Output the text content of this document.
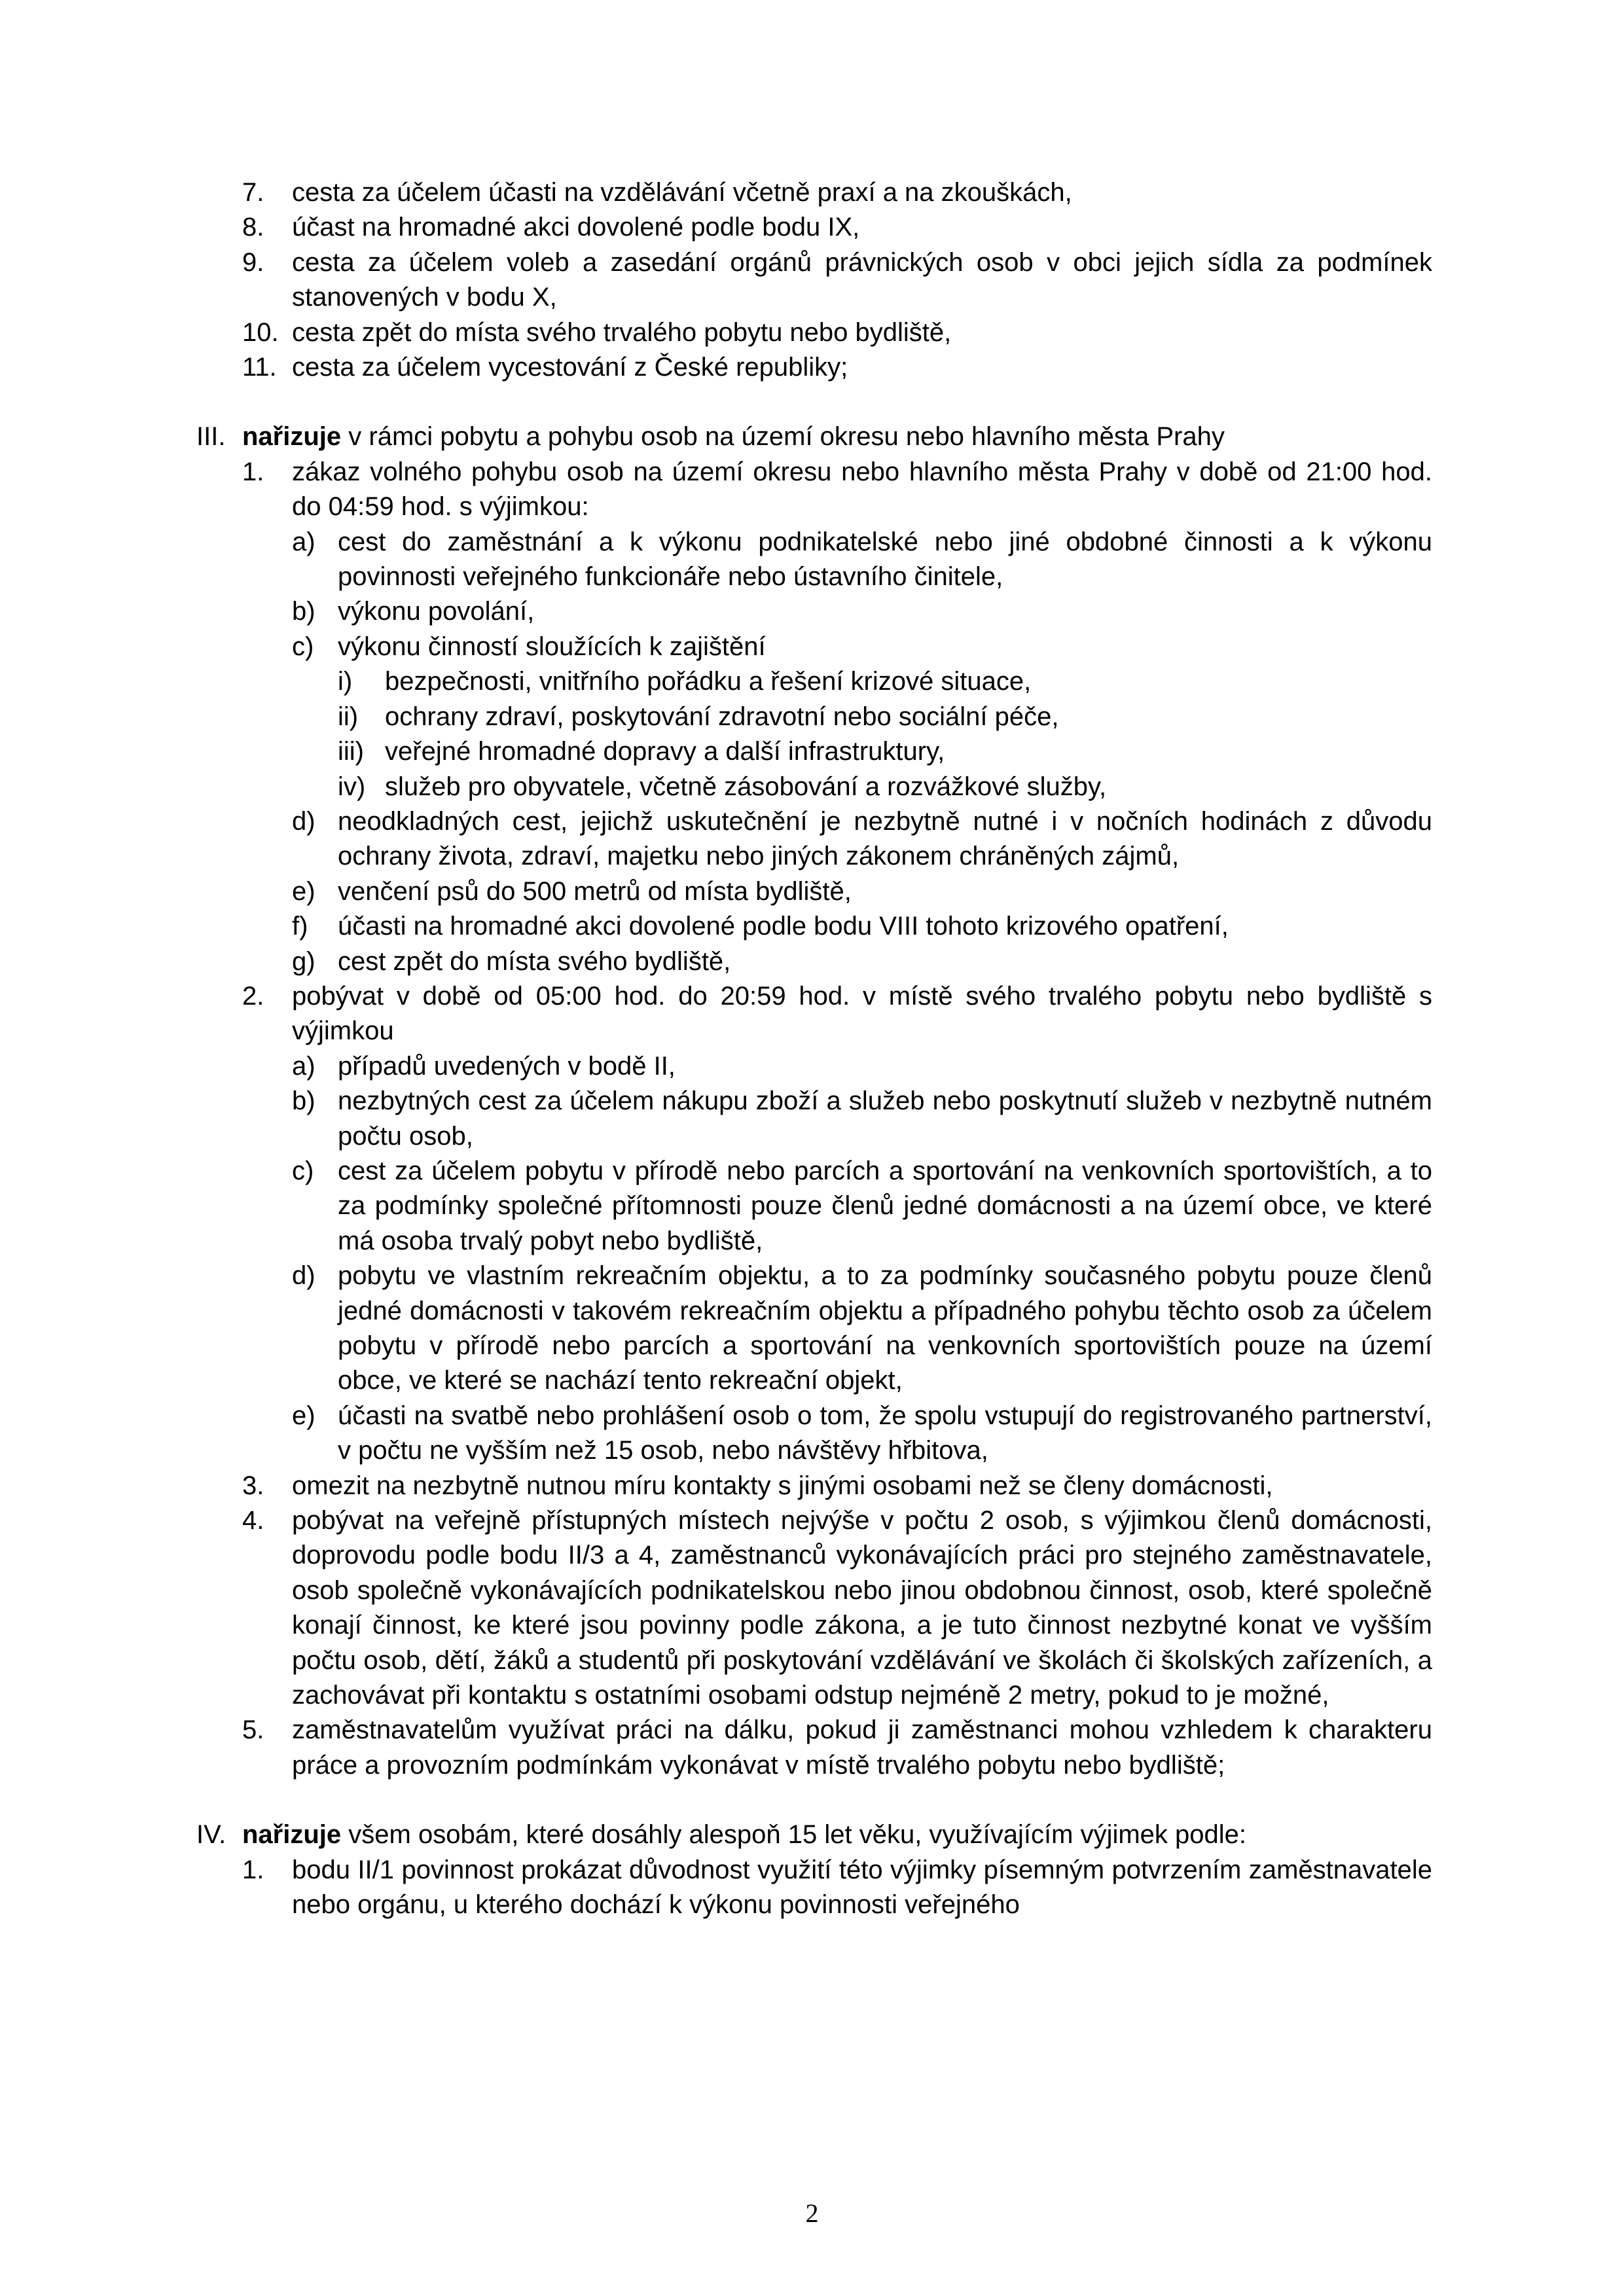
7.	cesta za účelem účasti na vzdělávání včetně praxí a na zkouškách,
8.	účast na hromadné akci dovolené podle bodu IX,
9.	cesta za účelem voleb a zasedání orgánů právnických osob v obci jejich sídla za podmínek stanovených v bodu X,
10. cesta zpět do místa svého trvalého pobytu nebo bydliště,
11. cesta za účelem vycestování z České republiky;
III. nařizuje v rámci pobytu a pohybu osob na území okresu nebo hlavního města Prahy
1.	zákaz volného pohybu osob na území okresu nebo hlavního města Prahy v době od 21:00 hod. do 04:59 hod. s výjimkou:
a) cest do zaměstnání a k výkonu podnikatelské nebo jiné obdobné činnosti a k výkonu povinnosti veřejného funkcionáře nebo ústavního činitele,
b) výkonu povolání,
c) výkonu činností sloužících k zajištění
i)	bezpečnosti, vnitřního pořádku a řešení krizové situace,
ii)	ochrany zdraví, poskytování zdravotní nebo sociální péče,
iii) veřejné hromadné dopravy a další infrastruktury,
iv) služeb pro obyvatele, včetně zásobování a rozvážkové služby,
d) neodkladných cest, jejichž uskutečnění je nezbytně nutné i v nočních hodinách z důvodu ochrany života, zdraví, majetku nebo jiných zákonem chráněných zájmů,
e) venčení psů do 500 metrů od místa bydliště,
f)	účasti na hromadné akci dovolené podle bodu VIII tohoto krizového opatření,
g) cest zpět do místa svého bydliště,
2.	pobývat v době od 05:00 hod. do 20:59 hod. v místě svého trvalého pobytu nebo bydliště s výjimkou
a) případů uvedených v bodě II,
b) nezbytných cest za účelem nákupu zboží a služeb nebo poskytnutí služeb v nezbytně nutném počtu osob,
c) cest za účelem pobytu v přírodě nebo parcích a sportování na venkovních sportovištích, a to za podmínky společné přítomnosti pouze členů jedné domácnosti a na území obce, ve které má osoba trvalý pobyt nebo bydliště,
d) pobytu ve vlastním rekreačním objektu, a to za podmínky současného pobytu pouze členů jedné domácnosti v takovém rekreačním objektu a případného pohybu těchto osob za účelem pobytu v přírodě nebo parcích a sportování na venkovních sportovištích pouze na území obce, ve které se nachází tento rekreační objekt,
e) účasti na svatbě nebo prohlášení osob o tom, že spolu vstupují do registrovaného partnerství, v počtu ne vyšším než 15 osob, nebo návštěvy hřbitova,
3.	omezit na nezbytně nutnou míru kontakty s jinými osobami než se členy domácnosti,
4.	pobývat na veřejně přístupných místech nejvýše v počtu 2 osob, s výjimkou členů domácnosti, doprovodu podle bodu II/3 a 4, zaměstnanců vykonávajících práci pro stejného zaměstnavatele, osob společně vykonávajících podnikatelskou nebo jinou obdobnou činnost, osob, které společně konají činnost, ke které jsou povinny podle zákona, a je tuto činnost nezbytné konat ve vyšším počtu osob, dětí, žáků a studentů při poskytování vzdělávání ve školách či školských zařízeních, a zachovávat při kontaktu s ostatními osobami odstup nejméně 2 metry, pokud to je možné,
5.	zaměstnavatelům využívat práci na dálku, pokud ji zaměstnanci mohou vzhledem k charakteru práce a provozním podmínkám vykonávat v místě trvalého pobytu nebo bydliště;
IV. nařizuje všem osobám, které dosáhly alespoň 15 let věku, využívajícím výjimek podle:
1.	bodu II/1 povinnost prokázat důvodnost využití této výjimky písemným potvrzením zaměstnavatele nebo orgánu, u kterého dochází k výkonu povinnosti veřejného
2
